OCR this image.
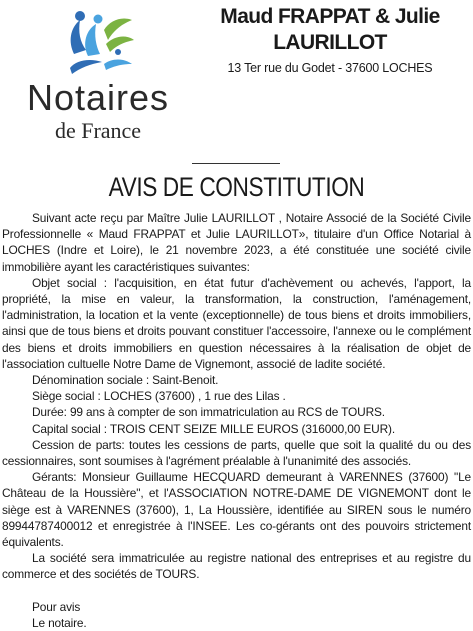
Notaires
de France
Maud FRAPPAT & Julie
LAURILLOT
13 Ter rue du Godet - 37600 LOCHES
AVIS DE CONSTITUTION

Suivant acte reçu par Maître Julie LAURILLOT , Notaire Associé de la Société Civile Professionnelle « Maud FRAPPAT et Julie LAURILLOT», titulaire d'un Office Notarial à LOCHES (Indre et Loire), le 21 novembre 2023, a été constituée une société civile immobilière ayant les caractéristiques suivantes:

Objet social : l'acquisition, en état futur d'achèvement ou achevés, l'apport, la propriété, la mise en valeur, la transformation, la construction, l'aménagement, l'administration, la location et la vente (exceptionnelle) de tous biens et droits immobiliers, ainsi que de tous biens et droits pouvant constituer l'accessoire, l'annexe ou le complément des biens et droits immobiliers en question nécessaires à la réalisation de objet de l'association cultuelle Notre Dame de Vignemont, associé de ladite société.

Dénomination sociale : Saint-Benoit.

Siège social : LOCHES (37600) , 1 rue des Lilas .

Durée: 99 ans à compter de son immatriculation au RCS de TOURS.

Capital social : TROIS CENT SEIZE MILLE EUROS (316000,00 EUR).

Cession de parts: toutes les cessions de parts, quelle que soit la qualité du ou des cessionnaires, sont soumises à l'agrément préalable à l'unanimité des associés.

Gérants: Monsieur Guillaume HECQUARD demeurant à VARENNES (37600) "Le Château de la Houssière", et l'ASSOCIATION NOTRE-DAME DE VIGNEMONT dont le siège est à VARENNES (37600), 1, La Houssière, identifiée au SIREN sous le numéro 89944787400012 et enregistrée à l'INSEE. Les co-gérants ont des pouvoirs strictement équivalents.

La société sera immatriculée au registre national des entreprises et au registre du commerce et des sociétés de TOURS.

Pour avis

Le notaire.
